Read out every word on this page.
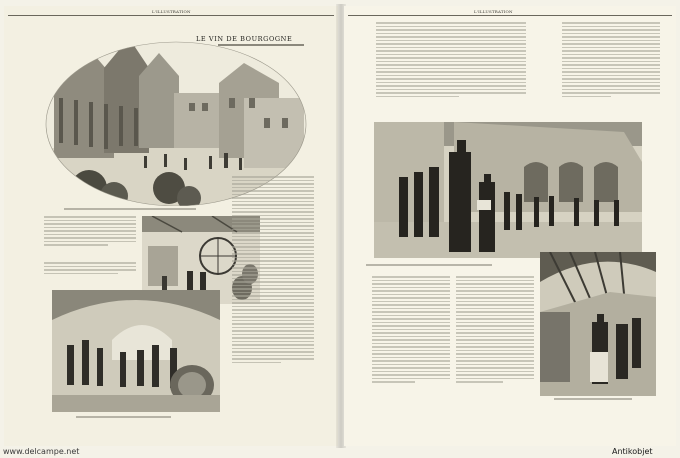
L'ILLUSTRATION
LE VIN DE BOURGOGNE
L'ILLUSTRATION
www.delcampe.net	Antikobjet
